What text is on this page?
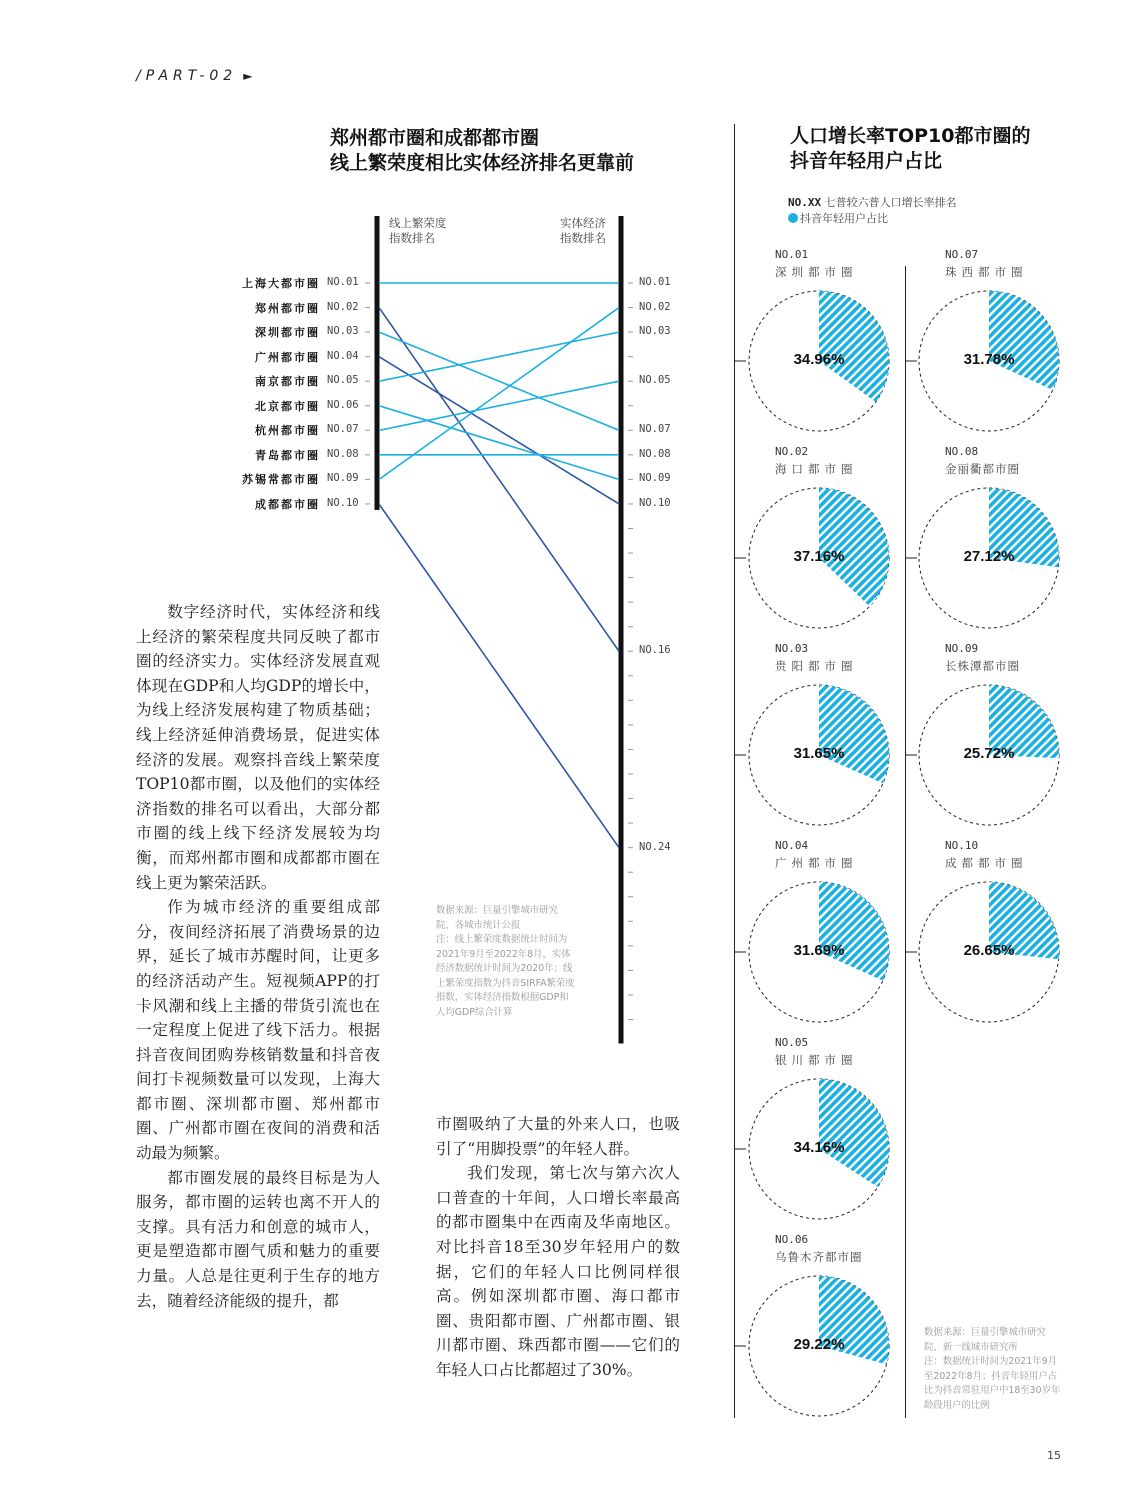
/PART-02 ►
郑州都市圈和成都都市圈
线上繁荣度相比实体经济排名更靠前
线上繁荣度
指数排名
实体经济
指数排名
NO.01
NO.02
NO.03
NO.05
NO.07
NO.08
NO.09
NO.10
NO.16
NO.24
上海大都市圈 NO.01
郑州都市圈 NO.02
深圳都市圈 NO.03
广州都市圈 NO.04
南京都市圈 NO.05
北京都市圈 NO.06
杭州都市圈 NO.07
青岛都市圈 NO.08
苏锡常都市圈 NO.09
成都都市圈 NO.10
数据来源：巨量引擎城市研究院、各城市统计公报
注：线上繁荣度数据统计时间为2021年9月至2022年8月，实体经济数据统计时间为2020年；线上繁荣度指数为抖音SIRFA繁荣度指数，实体经济指数根据GDP和人均GDP综合计算

数字经济时代，实体经济和线上经济的繁荣程度共同反映了都市圈的经济实力。实体经济发展直观体现在GDP和人均GDP的增长中，为线上经济发展构建了物质基础；线上经济延伸消费场景，促进实体经济的发展。观察抖音线上繁荣度TOP10都市圈，以及他们的实体经济指数的排名可以看出，大部分都市圈的线上线下经济发展较为均衡，而郑州都市圈和成都都市圈在线上更为繁荣活跃。

作为城市经济的重要组成部分，夜间经济拓展了消费场景的边界，延长了城市苏醒时间，让更多的经济活动产生。短视频APP的打卡风潮和线上主播的带货引流也在一定程度上促进了线下活力。根据抖音夜间团购券核销数量和抖音夜间打卡视频数量可以发现，上海大都市圈、深圳都市圈、郑州都市圈、广州都市圈在夜间的消费和活动最为频繁。

都市圈发展的最终目标是为人服务，都市圈的运转也离不开人的支撑。具有活力和创意的城市人，更是塑造都市圈气质和魅力的重要力量。人总是往更利于生存的地方去，随着经济能级的提升，都

市圈吸纳了大量的外来人口，也吸引了“用脚投票”的年轻人群。

我们发现，第七次与第六次人口普查的十年间，人口增长率最高的都市圈集中在西南及华南地区。对比抖音18至30岁年轻用户的数据，它们的年轻人口比例同样很高。例如深圳都市圈、海口都市圈、贵阳都市圈、广州都市圈、银川都市圈、珠西都市圈——它们的年轻人口占比都超过了30%。

人口增长率TOP10都市圈的
抖音年轻用户占比
NO.XX 七普较六普人口增长率排名
抖音年轻用户占比
NO.01
深圳都市圈
34.96%
NO.02
海口都市圈
37.16%
NO.03
贵阳都市圈
31.65%
NO.04
广州都市圈
31.69%
NO.05
银川都市圈
34.16%
NO.06
乌鲁木齐都市圈
29.22%
NO.07
珠西都市圈
31.78%
NO.08
金丽衢都市圈
27.12%
NO.09
长株潭都市圈
25.72%
NO.10
成都都市圈
26.65%
数据来源：巨量引擎城市研究院、新一线城市研究所
注：数据统计时间为2021年9月至2022年8月；抖音年轻用户占比为抖音常驻用户中18至30岁年龄段用户的比例
15
